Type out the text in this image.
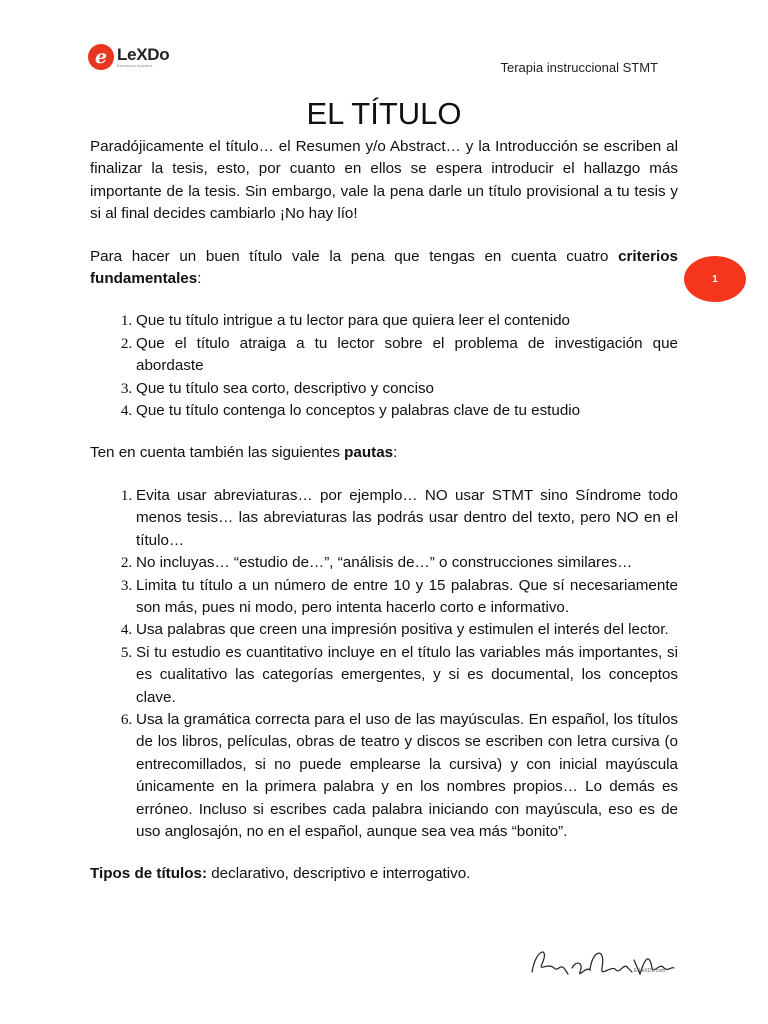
e LeXDo
Educación Inclusiva	Terapia instruccional STMT
EL TÍTULO

Paradójicamente el título… el Resumen y/o Abstract… y la Introducción se escriben al finalizar la tesis, esto, por cuanto en ellos se espera introducir el hallazgo más importante de la tesis. Sin embargo, vale la pena darle un título provisional a tu tesis y si al final decides cambiarlo ¡No hay lío!

Para hacer un buen título vale la pena que tengas en cuenta cuatro criterios fundamentales:

1. Que tu título intrigue a tu lector para que quiera leer el contenido
2. Que el título atraiga a tu lector sobre el problema de investigación que abordaste
3. Que tu título sea corto, descriptivo y conciso
4. Que tu título contenga lo conceptos y palabras clave de tu estudio

Ten en cuenta también las siguientes pautas:

1. Evita usar abreviaturas… por ejemplo… NO usar STMT sino Síndrome todo menos tesis… las abreviaturas las podrás usar dentro del texto, pero NO en el título…
2. No incluyas… “estudio de…”, “análisis de…” o construcciones similares…
3. Limita tu título a un número de entre 10 y 15 palabras. Que sí necesariamente son más, pues ni modo, pero intenta hacerlo corto e informativo.
4. Usa palabras que creen una impresión positiva y estimulen el interés del lector.
5. Si tu estudio es cuantitativo incluye en el título las variables más importantes, si es cualitativo las categorías emergentes, y si es documental, los conceptos clave.
6. Usa la gramática correcta para el uso de las mayúsculas. En español, los títulos de los libros, películas, obras de teatro y discos se escriben con letra cursiva (o entrecomillados, si no puede emplearse la cursiva) y con inicial mayúscula únicamente en la primera palabra y en los nombres propios… Lo demás es erróneo. Incluso si escribes cada palabra iniciando con mayúscula, eso es de uso anglosajón, no en el español, aunque sea vea más “bonito”.

Tipos de títulos: declarativo, descriptivo e interrogativo.

1
E-LeXDo.com
